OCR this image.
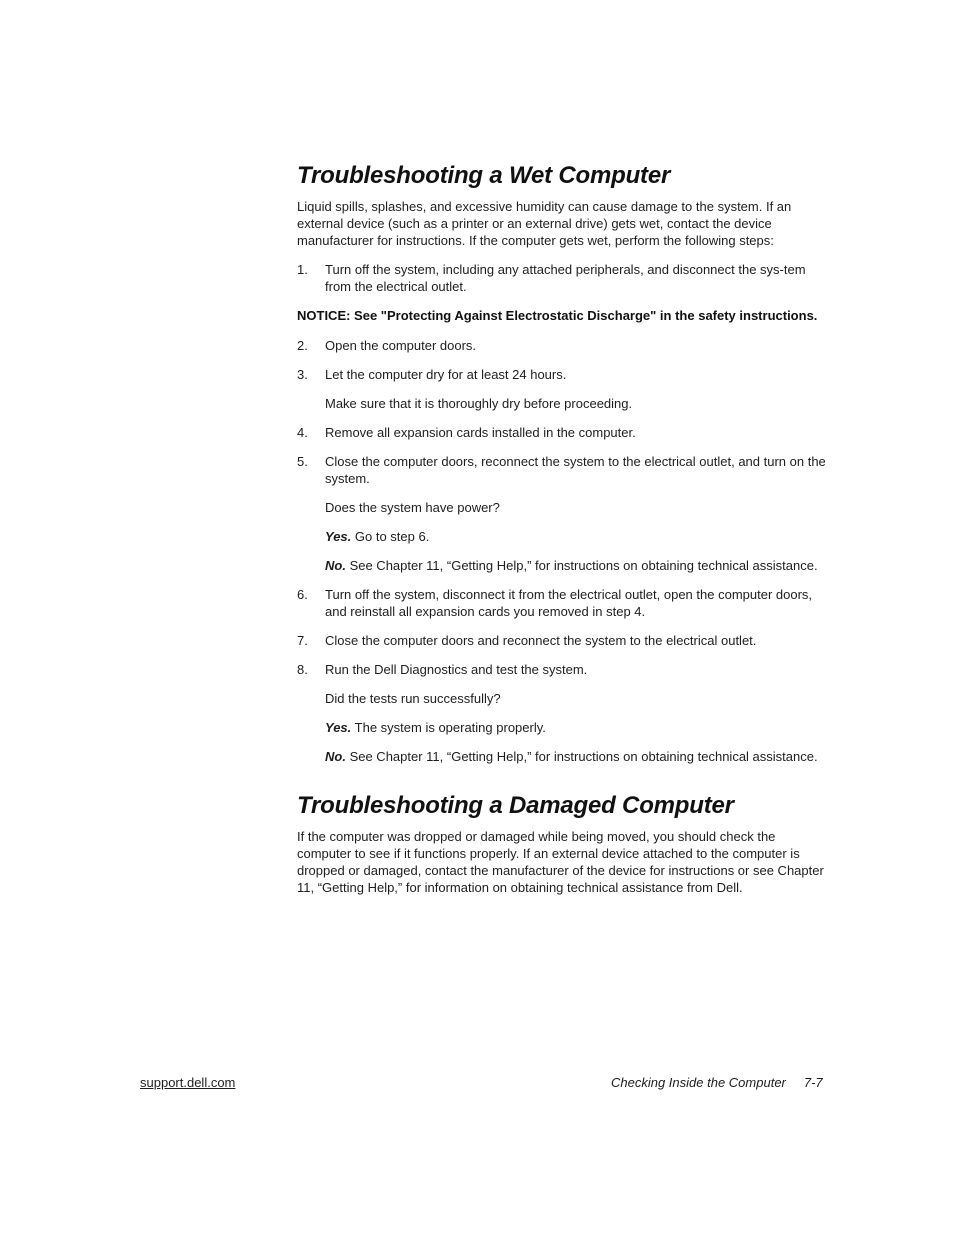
Troubleshooting a Wet Computer

Liquid spills, splashes, and excessive humidity can cause damage to the system. If an external device (such as a printer or an external drive) gets wet, contact the device manufacturer for instructions. If the computer gets wet, perform the following steps:

1. Turn off the system, including any attached peripherals, and disconnect the sys-tem from the electrical outlet.

NOTICE: See "Protecting Against Electrostatic Discharge" in the safety instructions.

2. Open the computer doors.
3. Let the computer dry for at least 24 hours.
Make sure that it is thoroughly dry before proceeding.
4. Remove all expansion cards installed in the computer.
5. Close the computer doors, reconnect the system to the electrical outlet, and turn on the system.
Does the system have power?
Yes. Go to step 6.
No. See Chapter 11, “Getting Help,” for instructions on obtaining technical assistance.
6. Turn off the system, disconnect it from the electrical outlet, open the computer doors, and reinstall all expansion cards you removed in step 4.
7. Close the computer doors and reconnect the system to the electrical outlet.
8. Run the Dell Diagnostics and test the system.
Did the tests run successfully?
Yes. The system is operating properly.
No. See Chapter 11, “Getting Help,” for instructions on obtaining technical assistance.
Troubleshooting a Damaged Computer

If the computer was dropped or damaged while being moved, you should check the computer to see if it functions properly. If an external device attached to the computer is dropped or damaged, contact the manufacturer of the device for instructions or see Chapter 11, “Getting Help,” for information on obtaining technical assistance from Dell.

support.dell.com	Checking Inside the Computer 7-7
